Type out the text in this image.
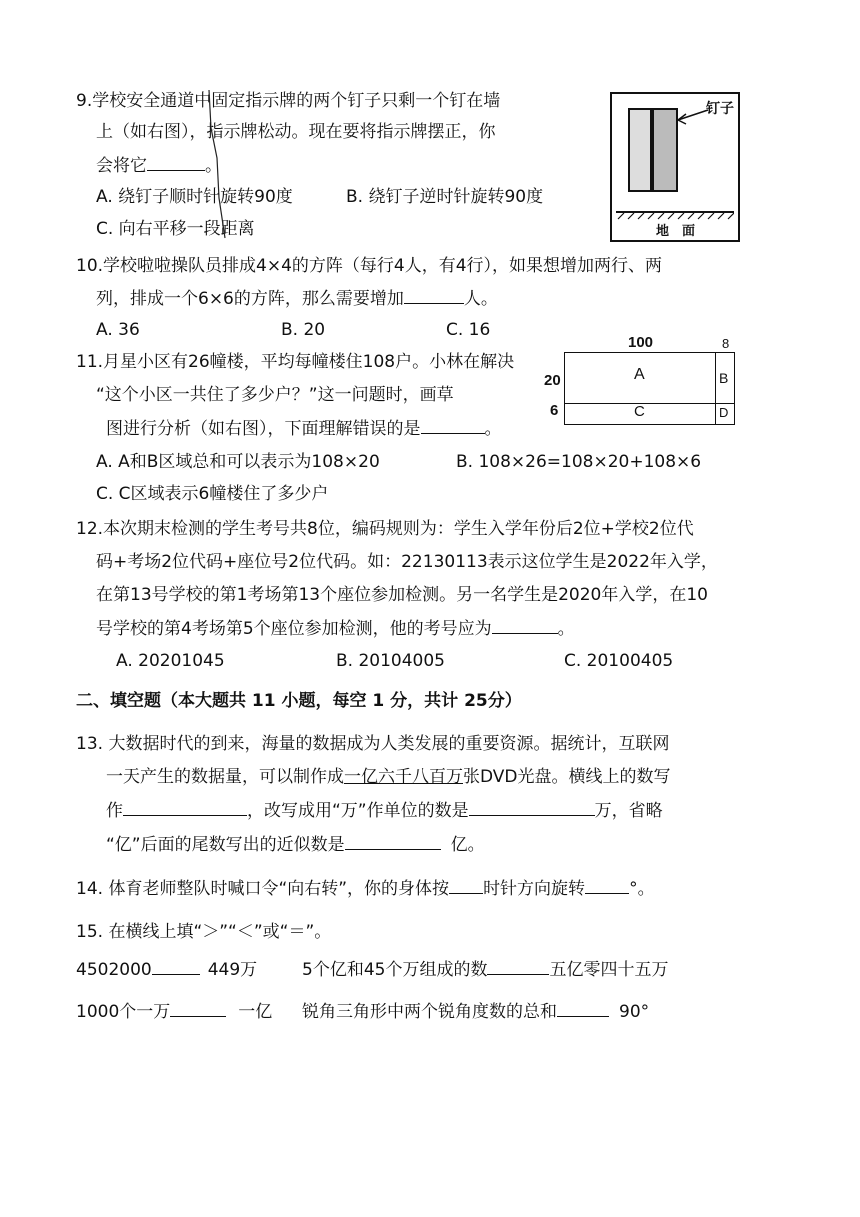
9.学校安全通道中固定指示牌的两个钉子只剩一个钉在墙
上（如右图），指示牌松动。现在要将指示牌摆正，你
会将它	。
A. 绕钉子顺时针旋转90度	B. 绕钉子逆时针旋转90度
C. 向右平移一段距离
钉子
地　面
10.学校啦啦操队员排成4×4的方阵（每行4人，有4行），如果想增加两行、两
列，排成一个6×6的方阵，那么需要增加	人。
A. 36	B. 20	C. 16
11.月星小区有26幢楼，平均每幢楼住108户。小林在解决
“这个小区一共住了多少户？”这一问题时，画草
图进行分析（如右图），下面理解错误的是	。
A. A和B区域总和可以表示为108×20	B. 108×26=108×20+108×6
C. C区域表示6幢楼住了多少户
100	8
20
6
A	B
C	D
12.本次期末检测的学生考号共8位，编码规则为：学生入学年份后2位+学校2位代
码+考场2位代码+座位号2位代码。如：22130113表示这位学生是2022年入学，
在第13号学校的第1考场第13个座位参加检测。另一名学生是2020年入学，在10
号学校的第4考场第5个座位参加检测，他的考号应为	。
A. 20201045	B. 20104005	C. 20100405
二、填空题（本大题共 11 小题，每空 1 分，共计 25分）
13. 大数据时代的到来，海量的数据成为人类发展的重要资源。据统计，互联网
一天产生的数据量，可以制作成一亿六千八百万张DVD光盘。横线上的数写
作	，改写成用“万”作单位的数是	万，省略
“亿”后面的尾数写出的近似数是	亿。
14. 体育老师整队时喊口令“向右转”，你的身体按 时针方向旋转	°。
15. 在横线上填“＞”“＜”或“＝”。
4502000	449万	5个亿和45个万组成的数	五亿零四十五万
1000个一万	一亿 锐角三角形中两个锐角度数的总和	90°
